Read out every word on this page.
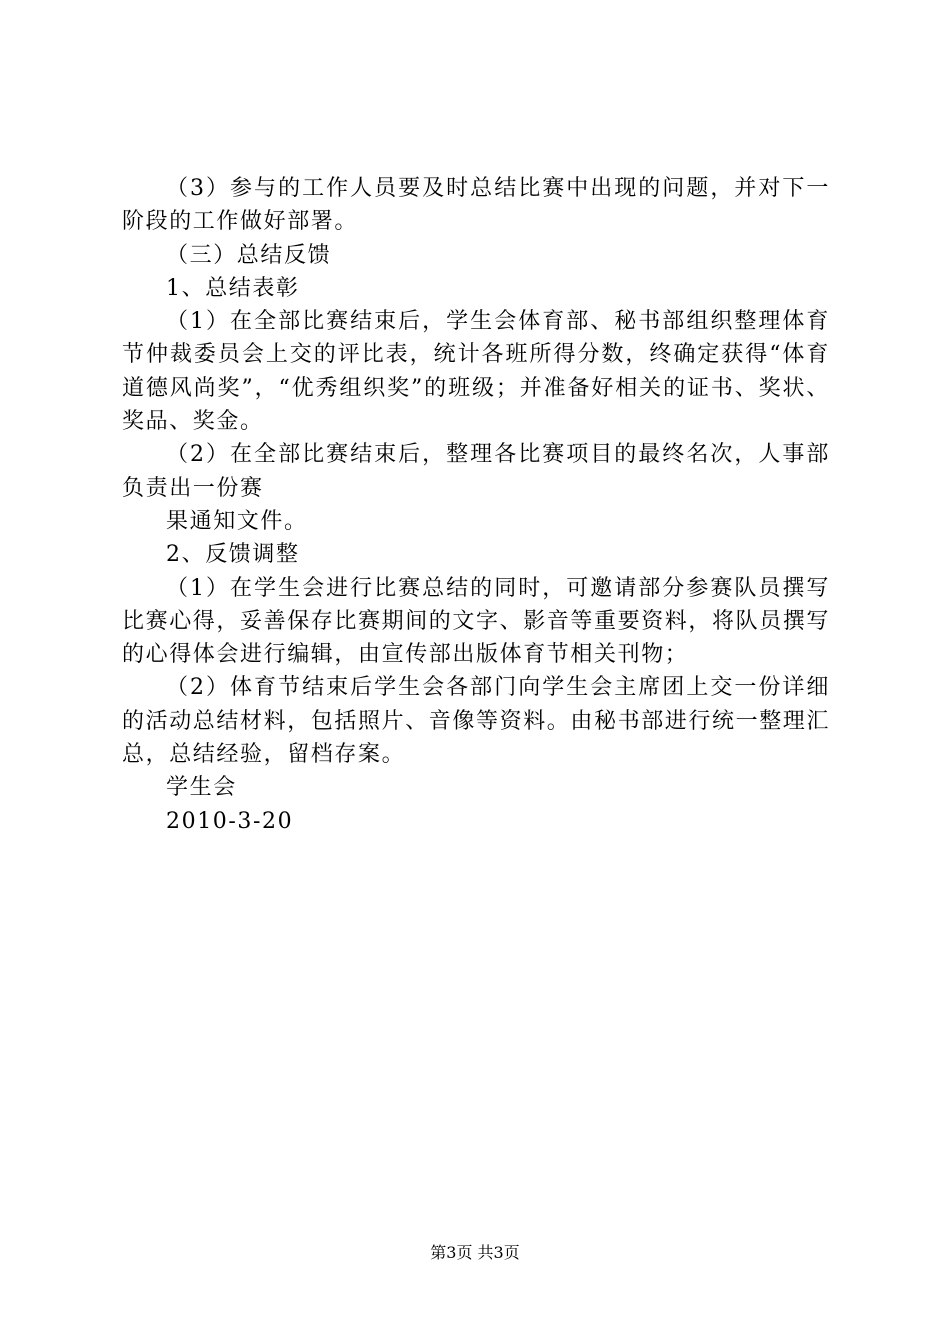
（3）参与的工作人员要及时总结比赛中出现的问题，并对下一阶段的工作做好部署。

（三）总结反馈

1、总结表彰

（1）在全部比赛结束后，学生会体育部、秘书部组织整理体育节仲裁委员会上交的评比表，统计各班所得分数，终确定获得“体育道德风尚奖”，“优秀组织奖”的班级；并准备好相关的证书、奖状、奖品、奖金。

（2）在全部比赛结束后，整理各比赛项目的最终名次，人事部负责出一份赛

果通知文件。

2、反馈调整

（1）在学生会进行比赛总结的同时，可邀请部分参赛队员撰写比赛心得，妥善保存比赛期间的文字、影音等重要资料，将队员撰写的心得体会进行编辑，由宣传部出版体育节相关刊物；

（2）体育节结束后学生会各部门向学生会主席团上交一份详细的活动总结材料，包括照片、音像等资料。由秘书部进行统一整理汇总，总结经验，留档存案。

学生会

2010-3-20

第3页 共3页
